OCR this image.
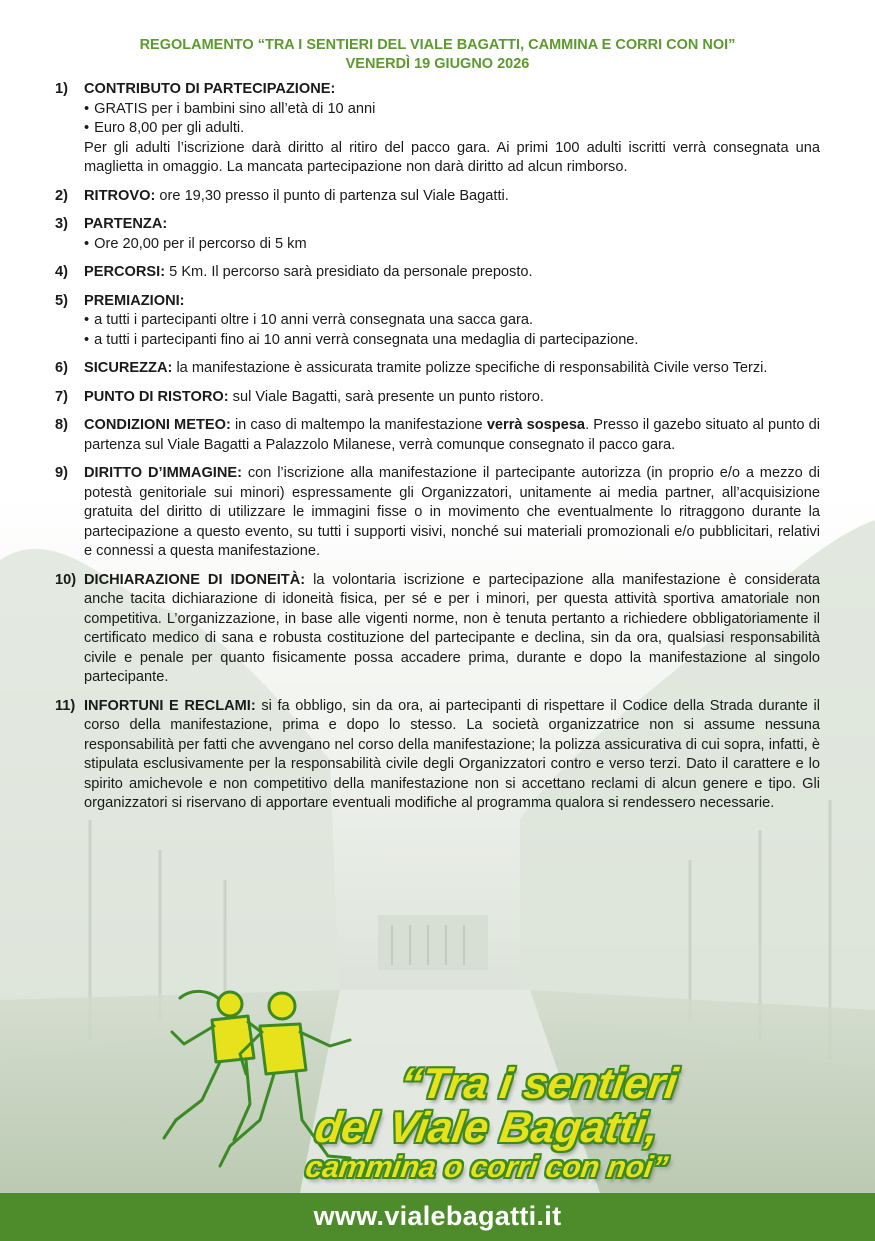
REGOLAMENTO “TRA I SENTIERI DEL VIALE BAGATTI, CAMMINA E CORRI CON NOI”
VENERDÌ 19 GIUGNO 2026
1) CONTRIBUTO DI PARTECIPAZIONE:
• GRATIS per i bambini sino all’età di 10 anni
• Euro 8,00 per gli adulti.
Per gli adulti l’iscrizione darà diritto al ritiro del pacco gara. Ai primi 100 adulti iscritti verrà consegnata una maglietta in omaggio. La mancata partecipazione non darà diritto ad alcun rimborso.
2) RITROVO: ore 19,30 presso il punto di partenza sul Viale Bagatti.
3) PARTENZA:
• Ore 20,00 per il percorso di 5 km
4) PERCORSI: 5 Km. Il percorso sarà presidiato da personale preposto.
5) PREMIAZIONI:
• a tutti i partecipanti oltre i 10 anni verrà consegnata una sacca gara.
• a tutti i partecipanti fino ai 10 anni verrà consegnata una medaglia di partecipazione.
6) SICUREZZA: la manifestazione è assicurata tramite polizze specifiche di responsabilità Civile verso Terzi.
7) PUNTO DI RISTORO: sul Viale Bagatti, sarà presente un punto ristoro.
8) CONDIZIONI METEO: in caso di maltempo la manifestazione verrà sospesa. Presso il gazebo situato al punto di partenza sul Viale Bagatti a Palazzolo Milanese, verrà comunque consegnato il pacco gara.
9) DIRITTO D’IMMAGINE: con l’iscrizione alla manifestazione il partecipante autorizza (in proprio e/o a mezzo di potestà genitoriale sui minori) espressamente gli Organizzatori, unitamente ai media partner, all’acquisizione gratuita del diritto di utilizzare le immagini fisse o in movimento che eventualmente lo ritraggono durante la partecipazione a questo evento, su tutti i supporti visivi, nonché sui materiali promozionali e/o pubblicitari, relativi e connessi a questa manifestazione.
10) DICHIARAZIONE DI IDONEITÀ: la volontaria iscrizione e partecipazione alla manifestazione è considerata anche tacita dichiarazione di idoneità fisica, per sé e per i minori, per questa attività sportiva amatoriale non competitiva. L’organizzazione, in base alle vigenti norme, non è tenuta pertanto a richiedere obbligatoriamente il certificato medico di sana e robusta costituzione del partecipante e declina, sin da ora, qualsiasi responsabilità civile e penale per quanto fisicamente possa accadere prima, durante e dopo la manifestazione al singolo partecipante.
11) INFORTUNI E RECLAMI: si fa obbligo, sin da ora, ai partecipanti di rispettare il Codice della Strada durante il corso della manifestazione, prima e dopo lo stesso. La società organizzatrice non si assume nessuna responsabilità per fatti che avvengano nel corso della manifestazione; la polizza assicurativa di cui sopra, infatti, è stipulata esclusivamente per la responsabilità civile degli Organizzatori contro e verso terzi. Dato il carattere e lo spirito amichevole e non competitivo della manifestazione non si accettano reclami di alcun genere e tipo. Gli organizzatori si riservano di apportare eventuali modifiche al programma qualora si rendessero necessarie.
“Tra i sentieri
del Viale Bagatti,
cammina o corri con noi”
www.vialebagatti.it
